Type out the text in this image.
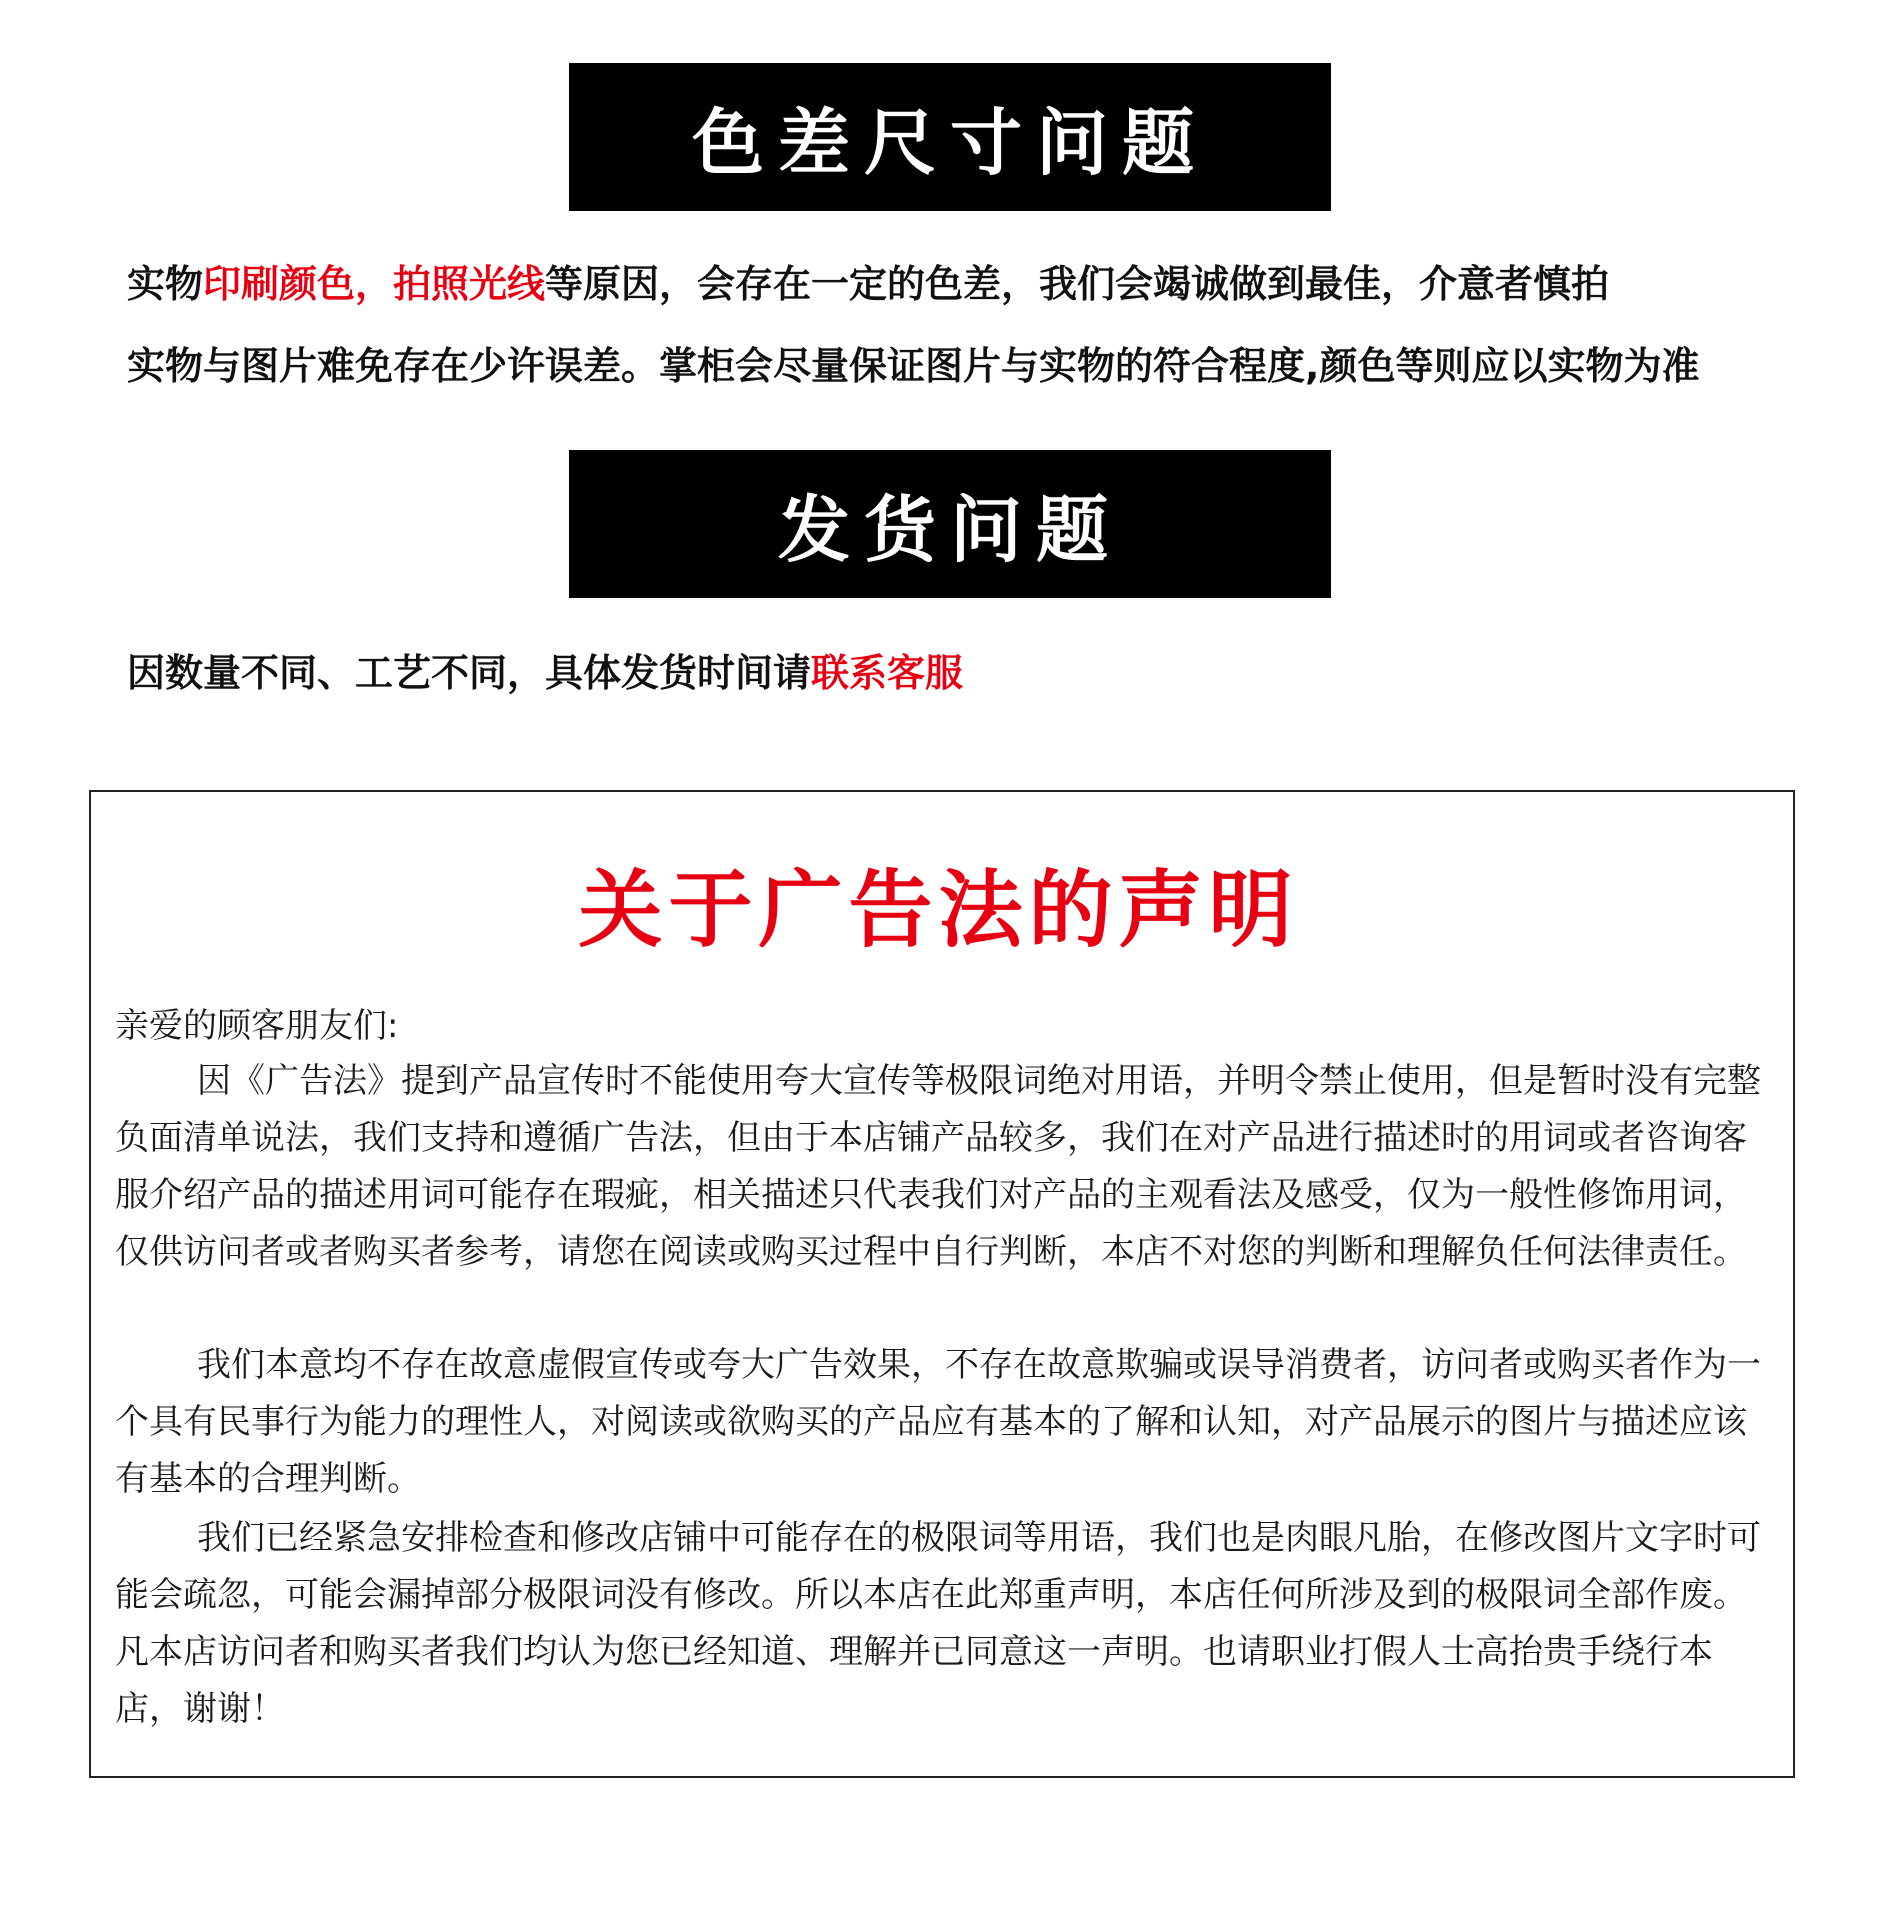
色差尺寸问题
实物印刷颜色，拍照光线等原因，会存在一定的色差，我们会竭诚做到最佳，介意者慎拍
实物与图片难免存在少许误差。掌柜会尽量保证图片与实物的符合程度,颜色等则应以实物为准
发货问题
因数量不同、工艺不同，具体发货时间请联系客服
关于广告法的声明
亲爱的顾客朋友们:
因《广告法》提到产品宣传时不能使用夸大宣传等极限词绝对用语，并明令禁止使用，但是暂时没有完整负面清单说法，我们支持和遵循广告法，但由于本店铺产品较多，我们在对产品进行描述时的用词或者咨询客服介绍产品的描述用词可能存在瑕疵，相关描述只代表我们对产品的主观看法及感受，仅为一般性修饰用词，仅供访问者或者购买者参考，请您在阅读或购买过程中自行判断，本店不对您的判断和理解负任何法律责任。
我们本意均不存在故意虚假宣传或夸大广告效果，不存在故意欺骗或误导消费者，访问者或购买者作为一个具有民事行为能力的理性人，对阅读或欲购买的产品应有基本的了解和认知，对产品展示的图片与描述应该有基本的合理判断。
我们已经紧急安排检查和修改店铺中可能存在的极限词等用语，我们也是肉眼凡胎，在修改图片文字时可能会疏忽，可能会漏掉部分极限词没有修改。所以本店在此郑重声明，本店任何所涉及到的极限词全部作废。凡本店访问者和购买者我们均认为您已经知道、理解并已同意这一声明。也请职业打假人士高抬贵手绕行本店，谢谢！
